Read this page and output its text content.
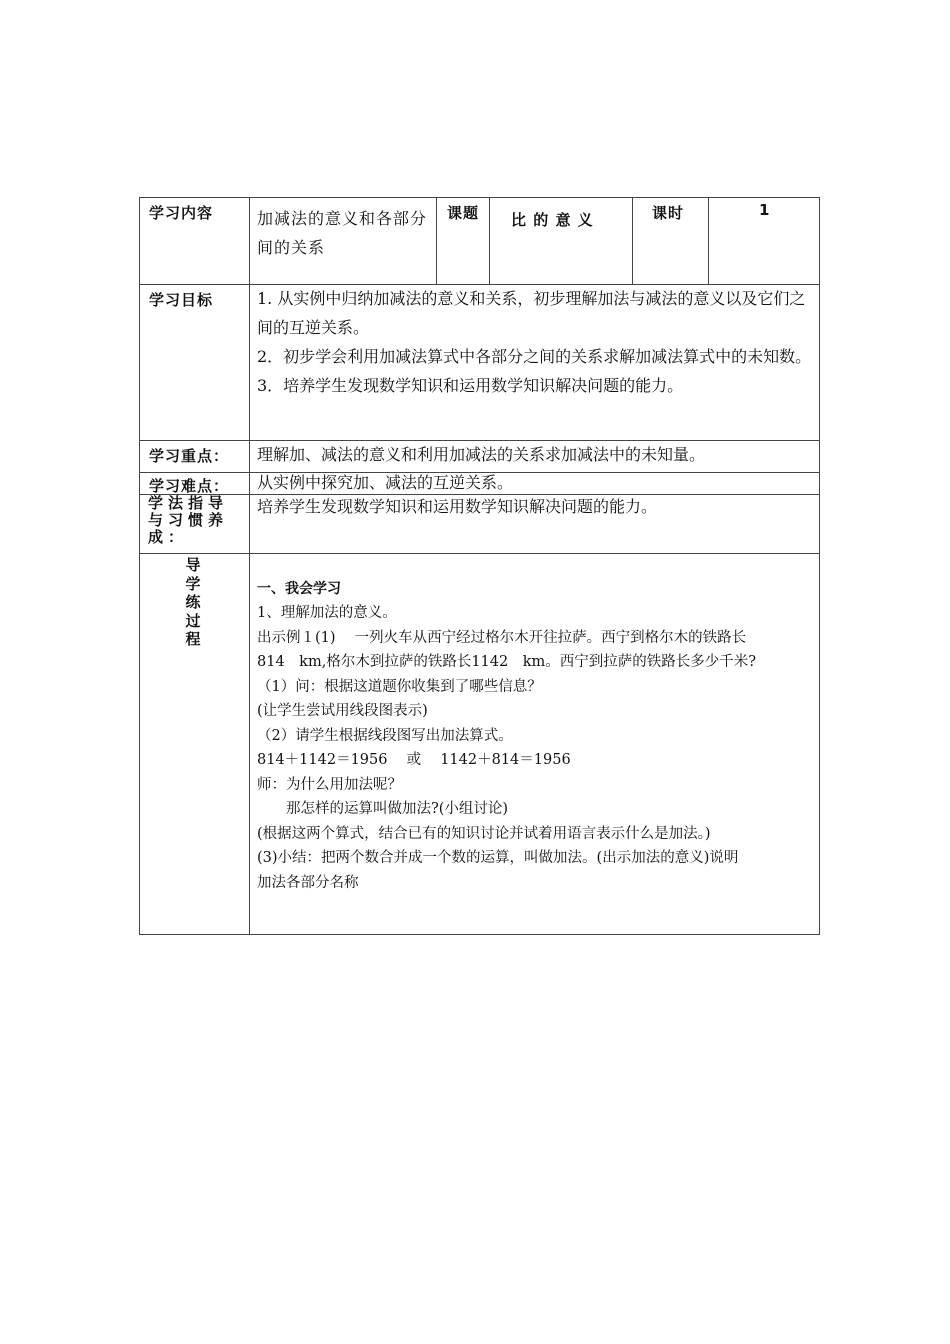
学习内容	加减法的意义和各部分间的关系
课题 比 的 意 义	课时	1
学习目标	1. 从实例中归纳加减法的意义和关系，初步理解加法与减法的意义以及它们之间的互逆关系。
2．初步学会利用加减法算式中各部分之间的关系求解加减法算式中的未知数。
3．培养学生发现数学知识和运用数学知识解决问题的能力。
学习重点： 理解加、减法的意义和利用加减法的关系求加减法中的未知量。
学习难点： 从实例中探究加、减法的互逆关系。
学法指导与习惯养成：
培养学生发现数学知识和运用数学知识解决问题的能力。
导学练过程
一、我会学习
1、理解加法的意义。
出示例１(1)　 一列火车从西宁经过格尔木开往拉萨。西宁到格尔木的铁路长
814　km,格尔木到拉萨的铁路长1142　km。西宁到拉萨的铁路长多少千米?
（1）问：根据这道题你收集到了哪些信息？
(让学生尝试用线段图表示)
（2）请学生根据线段图写出加法算式。
814＋1142＝1956　 或　 1142＋814＝1956
师：为什么用加法呢？
　　那怎样的运算叫做加法?(小组讨论)
(根据这两个算式，结合已有的知识讨论并试着用语言表示什么是加法。)
(3)小结：把两个数合并成一个数的运算，叫做加法。(出示加法的意义)说明
加法各部分名称
